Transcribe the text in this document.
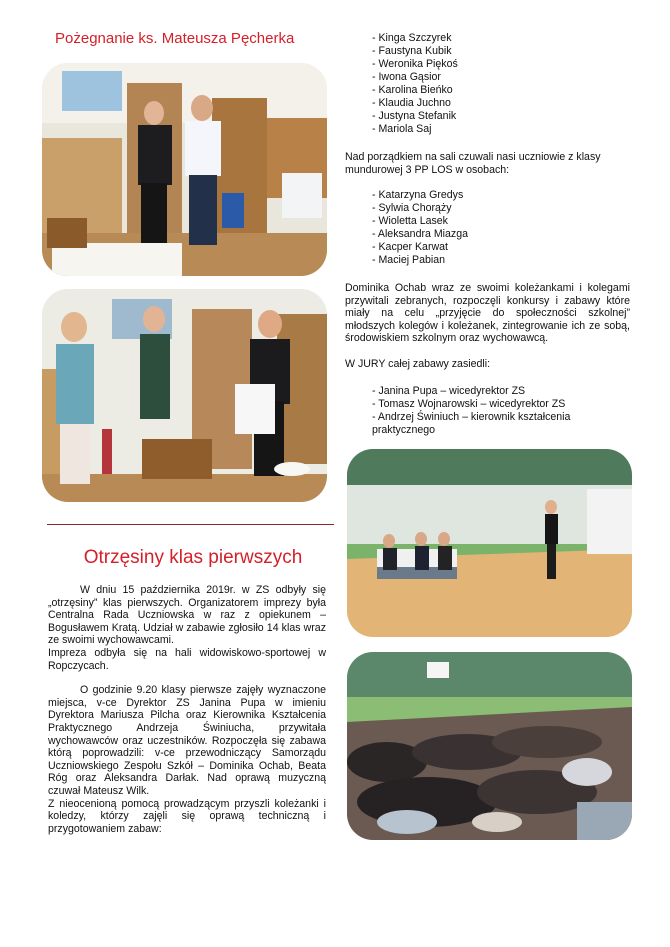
Pożegnanie ks. Mateusza Pęcherka
Otrzęsiny klas pierwszych

W dniu 15 października 2019r. w ZS odbyły się „otrzęsiny” klas pierwszych. Organizatorem imprezy była Centralna Rada Uczniowska w raz z opiekunem – Bogusławem Kratą. Udział w zabawie zgłosiło 14 klas wraz ze swoimi wychowawcami.

Impreza odbyła się na hali widowiskowo-sportowej w Ropczycach.

O godzinie 9.20 klasy pierwsze zajęły wyznaczone miejsca, v-ce Dyrektor ZS Janina Pupa w imieniu Dyrektora Mariusza Pilcha oraz Kierownika Kształcenia Praktycznego Andrzeja Świniucha, przywitała wychowawców oraz uczestników. Rozpoczęła się zabawa którą poprowadzili: v-ce przewodniczący Samorządu Uczniowskiego Zespołu Szkół – Dominika Ochab, Beata Róg oraz Aleksandra Darłak. Nad oprawą muzyczną czuwał Mateusz Wilk.

Z nieocenioną pomocą prowadzącym przyszli koleżanki i koledzy, którzy zajęli się oprawą techniczną i przygotowaniem zabaw:

- Kinga Szczyrek
- Faustyna Kubik
- Weronika Piękoś
- Iwona Gąsior
- Karolina Bieńko
- Klaudia Juchno
- Justyna Stefanik
- Mariola Saj

Nad porządkiem na sali czuwali nasi uczniowie z klasy mundurowej 3 PP LOS w osobach:

- Katarzyna Gredys
- Sylwia Chorąży
- Wioletta Lasek
- Aleksandra Miazga
- Kacper Karwat
- Maciej Pabian

Dominika Ochab wraz ze swoimi koleżankami i kolegami przywitali zebranych, rozpoczęli konkursy i zabawy które miały na celu „przyjęcie do społeczności szkolnej” młodszych kolegów i koleżanek, zintegrowanie ich ze sobą, środowiskiem szkolnym oraz wychowawcą.

W JURY całej zabawy zasiedli:

- Janina Pupa – wicedyrektor ZS
- Tomasz Wojnarowski – wicedyrektor ZS
- Andrzej Świniuch – kierownik kształcenia praktycznego
